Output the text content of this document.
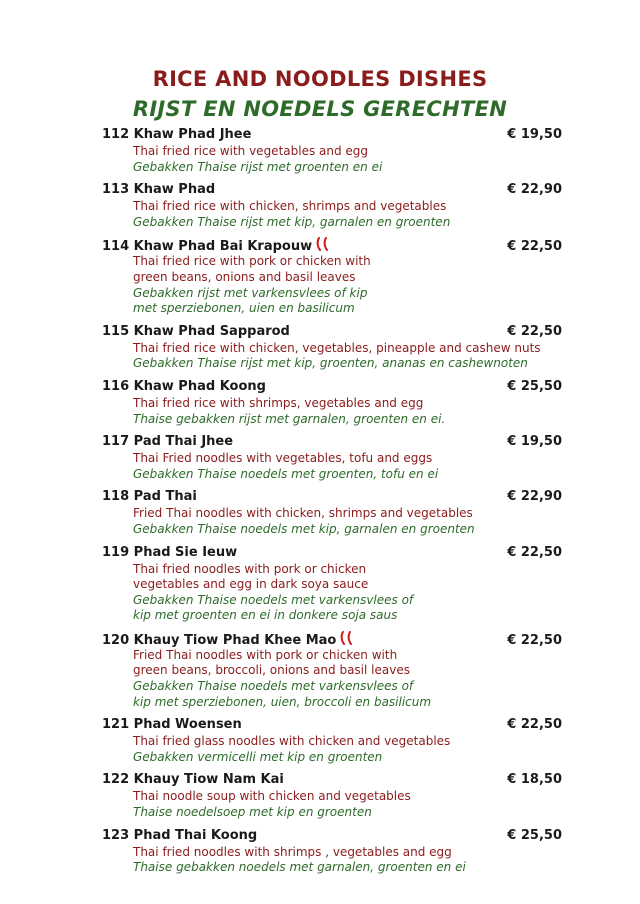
RICE AND NOODLES DISHES
RIJST EN NOEDELS GERECHTEN
112 Khaw Phad Jhee	€ 19,50
Thai fried rice with vegetables and egg
Gebakken Thaise rijst met groenten en ei
113 Khaw Phad	€ 22,90
Thai fried rice with chicken, shrimps and vegetables
Gebakken Thaise rijst met kip, garnalen en groenten
114 Khaw Phad Bai Krapouw	€ 22,50
Thai fried rice with pork or chicken with
green beans, onions and basil leaves
Gebakken rijst met varkensvlees of kip
met sperziebonen, uien en basilicum
115 Khaw Phad Sapparod	€ 22,50
Thai fried rice with chicken, vegetables, pineapple and cashew nuts
Gebakken Thaise rijst met kip, groenten, ananas en cashewnoten
116 Khaw Phad Koong	€ 25,50
Thai fried rice with shrimps, vegetables and egg
Thaise gebakken rijst met garnalen, groenten en ei.
117 Pad Thai Jhee	€ 19,50
Thai Fried noodles with vegetables, tofu and eggs
Gebakken Thaise noedels met groenten, tofu en ei
118 Pad Thai	€ 22,90
Fried Thai noodles with chicken, shrimps and vegetables
Gebakken Thaise noedels met kip, garnalen en groenten
119 Phad Sie Ieuw	€ 22,50
Thai fried noodles with pork or chicken
vegetables and egg in dark soya sauce
Gebakken Thaise noedels met varkensvlees of
kip met groenten en ei in donkere soja saus
120 Khauy Tiow Phad Khee Mao	€ 22,50
Fried Thai noodles with pork or chicken with
green beans, broccoli, onions and basil leaves
Gebakken Thaise noedels met varkensvlees of
kip met sperziebonen, uien, broccoli en basilicum
121 Phad Woensen	€ 22,50
Thai fried glass noodles with chicken and vegetables
Gebakken vermicelli met kip en groenten
122 Khauy Tiow Nam Kai	€ 18,50
Thai noodle soup with chicken and vegetables
Thaise noedelsoep met kip en groenten
123 Phad Thai Koong	€ 25,50
Thai fried noodles with shrimps , vegetables and egg
Thaise gebakken noedels met garnalen, groenten en ei
